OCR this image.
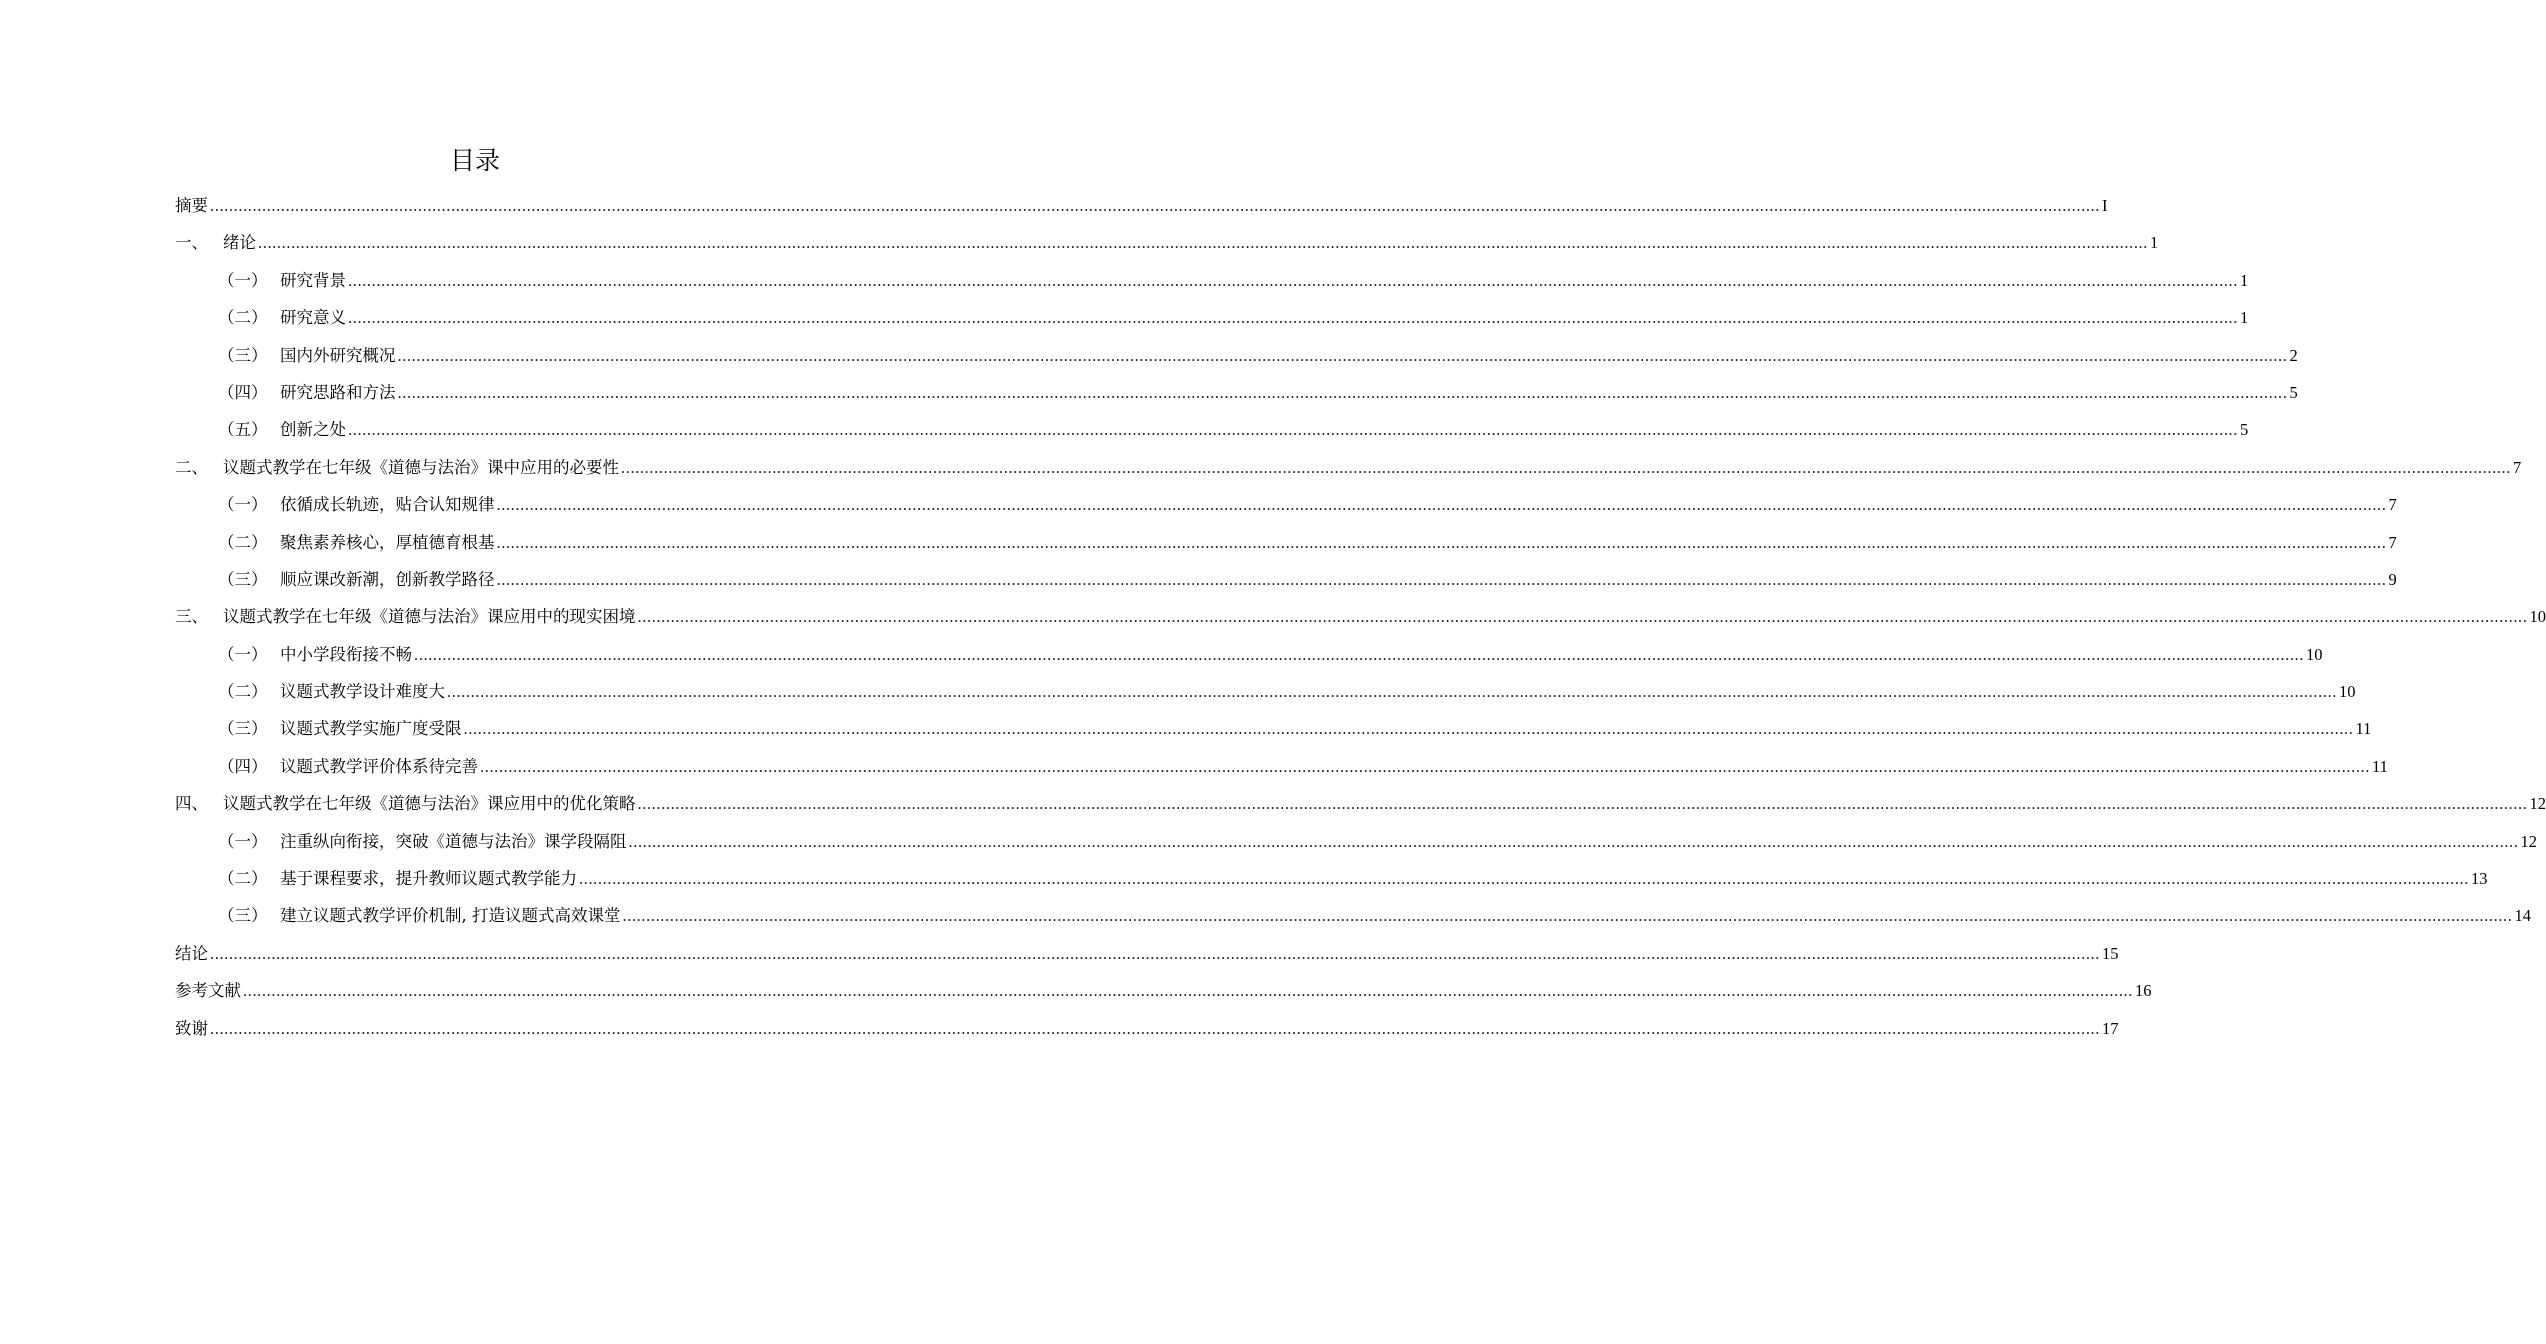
目录
摘要 ................................................................................................................................................................................................................................................................................................................................................................................................................ I
一、 绪论 ................................................................................................................................................................................................................................................................................................................................................................................................................ 1
（一） 研究背景 ................................................................................................................................................................................................................................................................................................................................................................................................................ 1
（二） 研究意义 ................................................................................................................................................................................................................................................................................................................................................................................................................ 1
（三） 国内外研究概况 ................................................................................................................................................................................................................................................................................................................................................................................................................ 2
（四） 研究思路和方法 ................................................................................................................................................................................................................................................................................................................................................................................................................ 5
（五） 创新之处 ................................................................................................................................................................................................................................................................................................................................................................................................................ 5
二、 议题式教学在七年级《道德与法治》课中应用的必要性 ................................................................................................................................................................................................................................................................................................................................................................................................................ 7
（一） 依循成长轨迹，贴合认知规律 ................................................................................................................................................................................................................................................................................................................................................................................................................ 7
（二） 聚焦素养核心，厚植德育根基 ................................................................................................................................................................................................................................................................................................................................................................................................................ 7
（三） 顺应课改新潮，创新教学路径 ................................................................................................................................................................................................................................................................................................................................................................................................................ 9
三、 议题式教学在七年级《道德与法治》课应用中的现实困境 ................................................................................................................................................................................................................................................................................................................................................................................................................ 10
（一） 中小学段衔接不畅 ................................................................................................................................................................................................................................................................................................................................................................................................................ 10
（二） 议题式教学设计难度大 ................................................................................................................................................................................................................................................................................................................................................................................................................ 10
（三） 议题式教学实施广度受限 ................................................................................................................................................................................................................................................................................................................................................................................................................ 11
（四） 议题式教学评价体系待完善 ................................................................................................................................................................................................................................................................................................................................................................................................................ 11
四、 议题式教学在七年级《道德与法治》课应用中的优化策略 ................................................................................................................................................................................................................................................................................................................................................................................................................ 12
（一） 注重纵向衔接，突破《道德与法治》课学段隔阻 ................................................................................................................................................................................................................................................................................................................................................................................................................ 12
（二） 基于课程要求，提升教师议题式教学能力 ................................................................................................................................................................................................................................................................................................................................................................................................................ 13
（三） 建立议题式教学评价机制, 打造议题式高效课堂 ................................................................................................................................................................................................................................................................................................................................................................................................................ 14
结论 ................................................................................................................................................................................................................................................................................................................................................................................................................ 15
参考文献 ................................................................................................................................................................................................................................................................................................................................................................................................................ 16
致谢 ................................................................................................................................................................................................................................................................................................................................................................................................................ 17
